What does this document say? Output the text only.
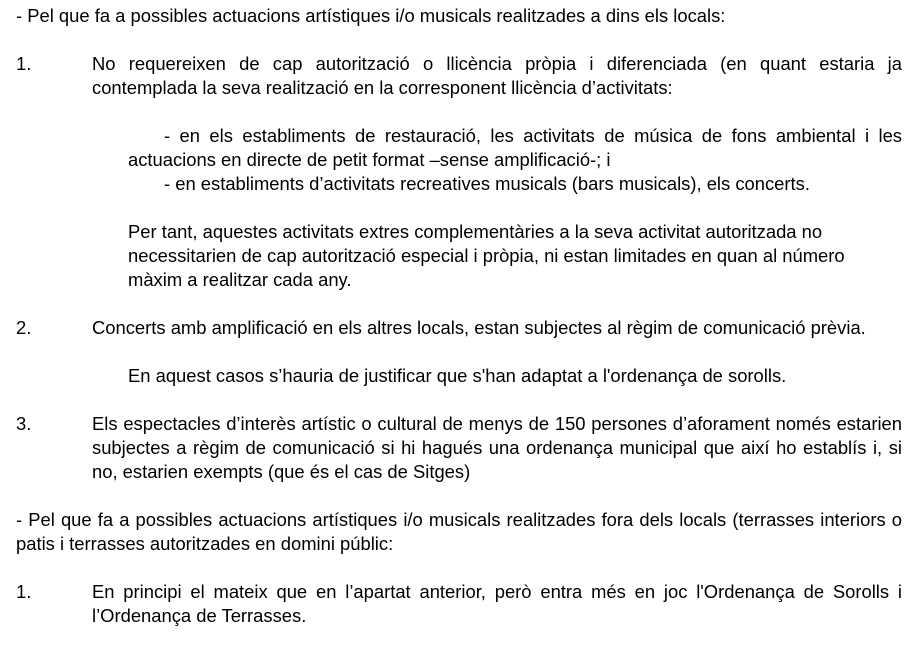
- Pel que fa a possibles actuacions artístiques i/o musicals realitzades a dins els locals:

1.	No requereixen de cap autorització o llicència pròpia i diferenciada (en quant estaria ja contemplada la seva realització en la corresponent llicència d’activitats:
- en els establiments de restauració, les activitats de música de fons ambiental i les actuacions en directe de petit format –sense amplificació-; i
- en establiments d’activitats recreatives musicals (bars musicals), els concerts.
Per tant, aquestes activitats extres complementàries a la seva activitat autoritzada no necessitarien de cap autorització especial i pròpia, ni estan limitades en quan al número màxim a realitzar cada any.
2.	Concerts amb amplificació en els altres locals, estan subjectes al règim de comunicació prèvia.
En aquest casos s’hauria de justificar que s'han adaptat a l'ordenança de sorolls.
3.	Els espectacles d’interès artístic o cultural de menys de 150 persones d’aforament només estarien subjectes a règim de comunicació si hi hagués una ordenança municipal que així ho establís i, si no, estarien exempts (que és el cas de Sitges)

- Pel que fa a possibles actuacions artístiques i/o musicals realitzades fora dels locals (terrasses interiors o patis i terrasses autoritzades en domini públic:

1.	En principi el mateix que en l’apartat anterior, però entra més en joc l'Ordenança de Sorolls i l’Ordenança de Terrasses.
